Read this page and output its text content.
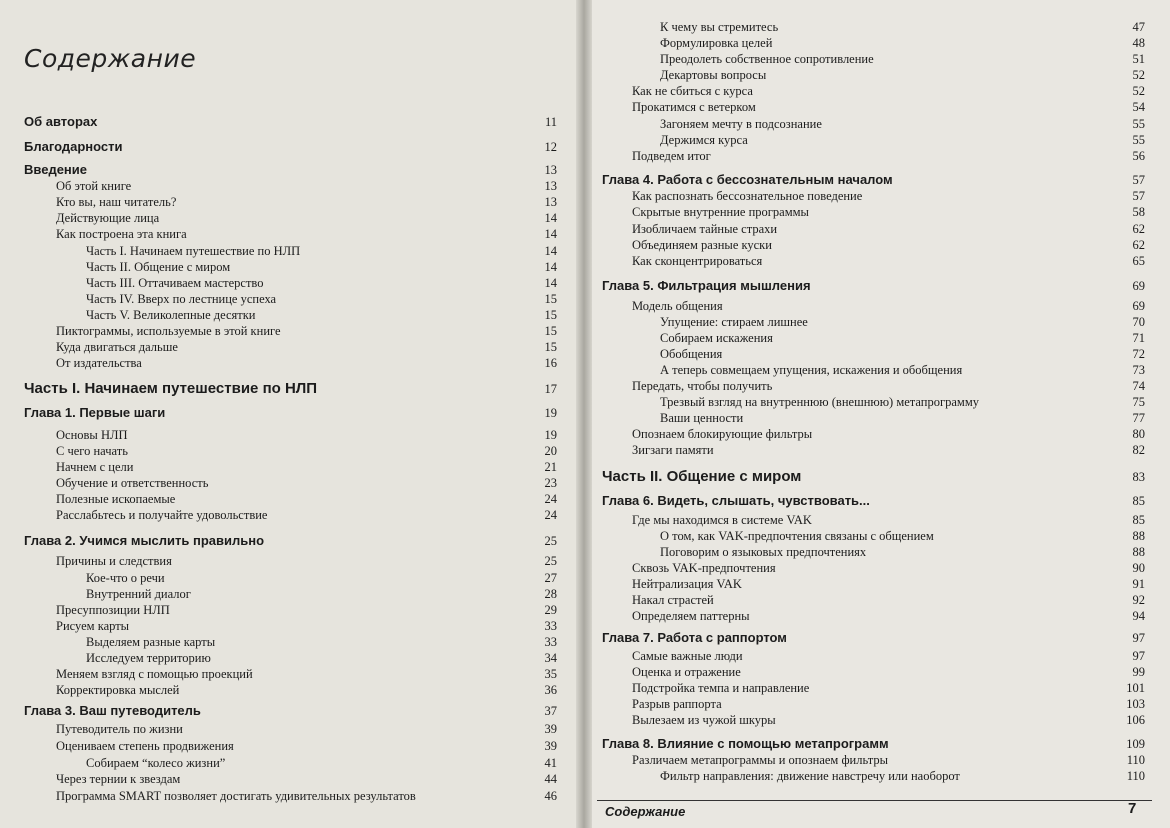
Содержание
Об авторах	11
Благодарности	12
Введение	13
Об этой книге	13
Кто вы, наш читатель?	13
Действующие лица	14
Как построена эта книга	14
Часть I. Начинаем путешествие по НЛП	14
Часть II. Общение с миром	14
Часть III. Оттачиваем мастерство	14
Часть IV. Вверх по лестнице успеха	15
Часть V. Великолепные десятки	15
Пиктограммы, используемые в этой книге	15
Куда двигаться дальше	15
От издательства	16
Часть I. Начинаем путешествие по НЛП	17
Глава 1. Первые шаги	19
Основы НЛП	19
С чего начать	20
Начнем с цели	21
Обучение и ответственность	23
Полезные ископаемые	24
Расслабьтесь и получайте удовольствие	24
Глава 2. Учимся мыслить правильно	25
Причины и следствия	25
Кое-что о речи	27
Внутренний диалог	28
Пресуппозиции НЛП	29
Рисуем карты	33
Выделяем разные карты	33
Исследуем территорию	34
Меняем взгляд с помощью проекций	35
Корректировка мыслей	36
Глава 3. Ваш путеводитель	37
Путеводитель по жизни	39
Оцениваем степень продвижения	39
Собираем “колесо жизни”	41
Через тернии к звездам	44
Программа SMART позволяет достигать удивительных результатов	46
К чему вы стремитесь	47
Формулировка целей	48
Преодолеть собственное сопротивление	51
Декартовы вопросы	52
Как не сбиться с курса	52
Прокатимся с ветерком	54
Загоняем мечту в подсознание	55
Держимся курса	55
Подведем итог	56
Глава 4. Работа с бессознательным началом	57
Как распознать бессознательное поведение	57
Скрытые внутренние программы	58
Изобличаем тайные страхи	62
Объединяем разные куски	62
Как сконцентрироваться	65
Глава 5. Фильтрация мышления	69
Модель общения	69
Упущение: стираем лишнее	70
Собираем искажения	71
Обобщения	72
А теперь совмещаем упущения, искажения и обобщения	73
Передать, чтобы получить	74
Трезвый взгляд на внутреннюю (внешнюю) метапрограмму	75
Ваши ценности	77
Опознаем блокирующие фильтры	80
Зигзаги памяти	82
Часть II. Общение с миром	83
Глава 6. Видеть, слышать, чувствовать...	85
Где мы находимся в системе VAK	85
О том, как VAK-предпочтения связаны с общением	88
Поговорим о языковых предпочтениях	88
Сквозь VAK-предпочтения	90
Нейтрализация VAK	91
Накал страстей	92
Определяем паттерны	94
Глава 7. Работа с раппортом	97
Самые важные люди	97
Оценка и отражение	99
Подстройка темпа и направление	101
Разрыв раппорта	103
Вылезаем из чужой шкуры	106
Глава 8. Влияние с помощью метапрограмм	109
Различаем метапрограммы и опознаем фильтры	110
Фильтр направления: движение навстречу или наоборот	110
Содержание	7
